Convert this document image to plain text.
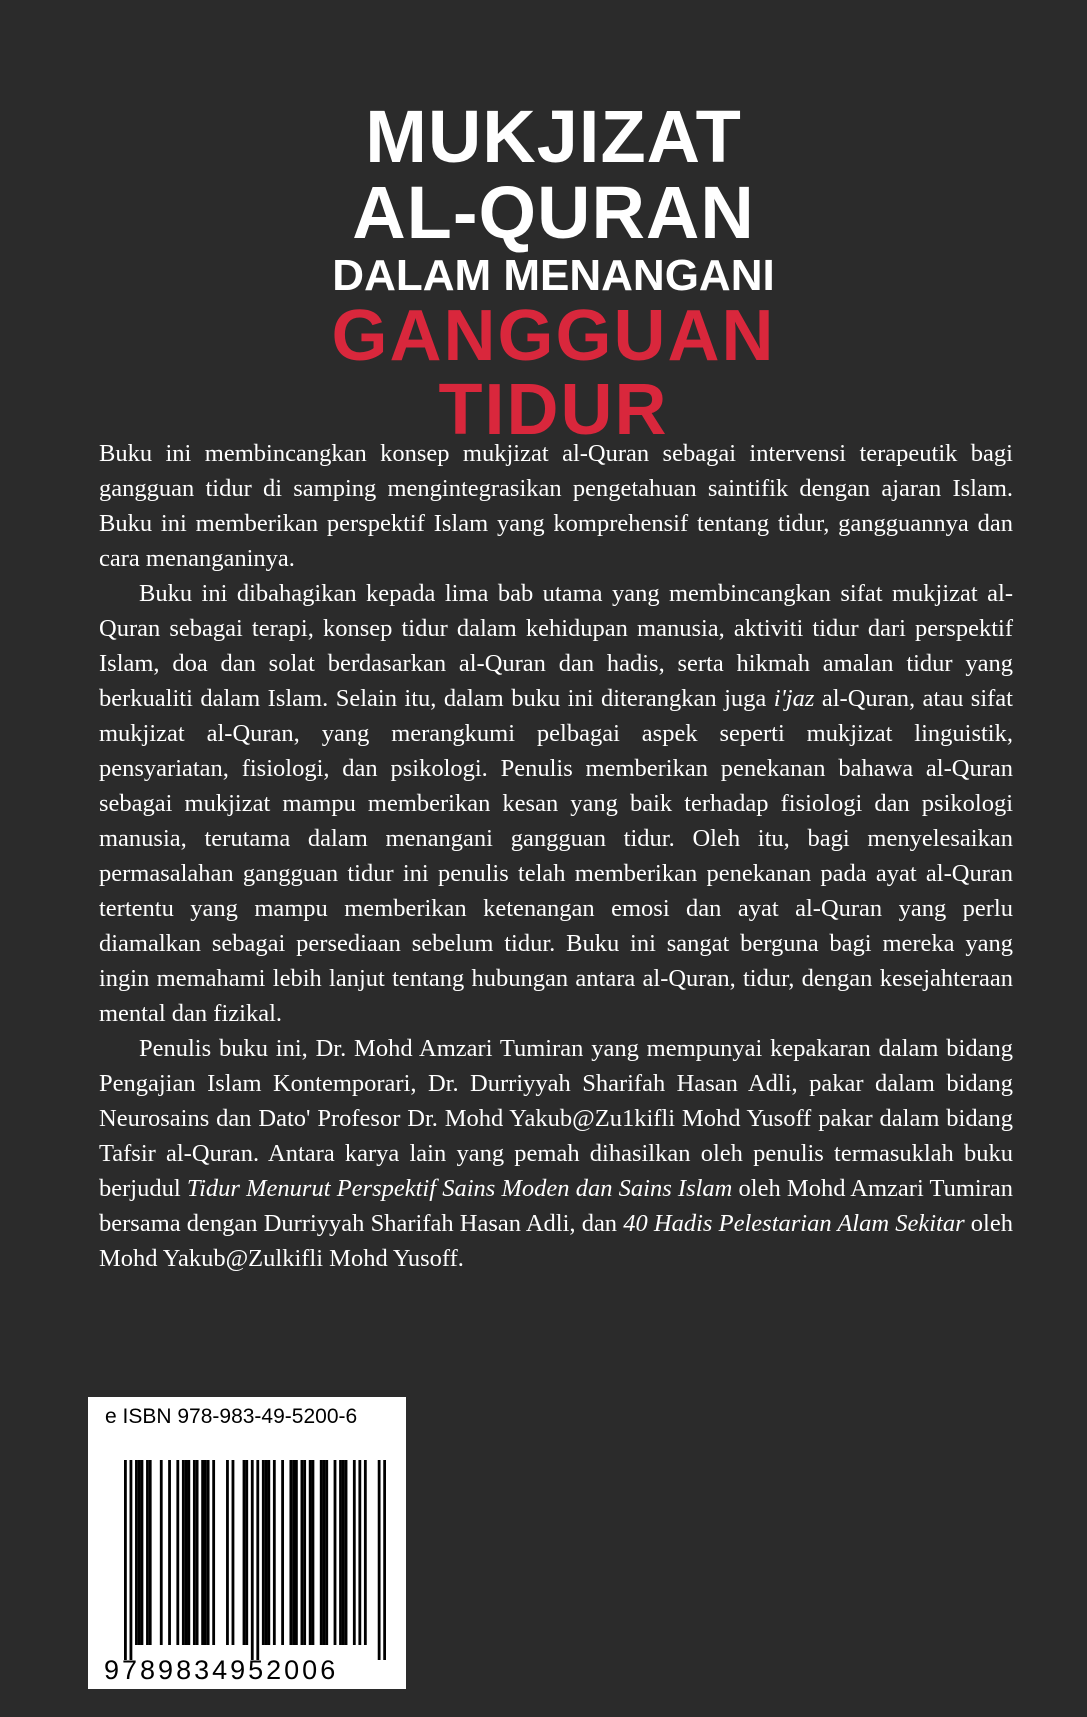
MUKJIZAT
AL-QURAN
DALAM MENANGANI
GANGGUAN
TIDUR

Buku ini membincangkan konsep mukjizat al-Quran sebagai intervensi terapeutik bagi gangguan tidur di samping mengintegrasikan pengetahuan saintifik dengan ajaran Islam. Buku ini memberikan perspektif Islam yang komprehensif tentang tidur, gangguannya dan cara menanganinya.

Buku ini dibahagikan kepada lima bab utama yang membincangkan sifat mukjizat al-Quran sebagai terapi, konsep tidur dalam kehidupan manusia, aktiviti tidur dari perspektif Islam, doa dan solat berdasarkan al-Quran dan hadis, serta hikmah amalan tidur yang berkualiti dalam Islam. Selain itu, dalam buku ini diterangkan juga i'jaz al-Quran, atau sifat mukjizat al-Quran, yang merangkumi pelbagai aspek seperti mukjizat linguistik, pensyariatan, fisiologi, dan psikologi. Penulis memberikan penekanan bahawa al-Quran sebagai mukjizat mampu memberikan kesan yang baik terhadap fisiologi dan psikologi manusia, terutama dalam menangani gangguan tidur. Oleh itu, bagi menyelesaikan permasalahan gangguan tidur ini penulis telah memberikan penekanan pada ayat al-Quran tertentu yang mampu memberikan ketenangan emosi dan ayat al-Quran yang perlu diamalkan sebagai persediaan sebelum tidur. Buku ini sangat berguna bagi mereka yang ingin memahami lebih lanjut tentang hubungan antara al-Quran, tidur, dengan kesejahteraan mental dan fizikal.

Penulis buku ini, Dr. Mohd Amzari Tumiran yang mempunyai kepakaran dalam bidang Pengajian Islam Kontemporari, Dr. Durriyyah Sharifah Hasan Adli, pakar dalam bidang Neurosains dan Dato' Profesor Dr. Mohd Yakub@Zu1kifli Mohd Yusoff pakar dalam bidang Tafsir al-Quran. Antara karya lain yang pemah dihasilkan oleh penulis termasuklah buku berjudul Tidur Menurut Perspektif Sains Moden dan Sains Islam oleh Mohd Amzari Tumiran bersama dengan Durriyyah Sharifah Hasan Adli, dan 40 Hadis Pelestarian Alam Sekitar oleh Mohd Yakub@Zulkifli Mohd Yusoff.

e ISBN 978-983-49-5200-6
9789834952006
